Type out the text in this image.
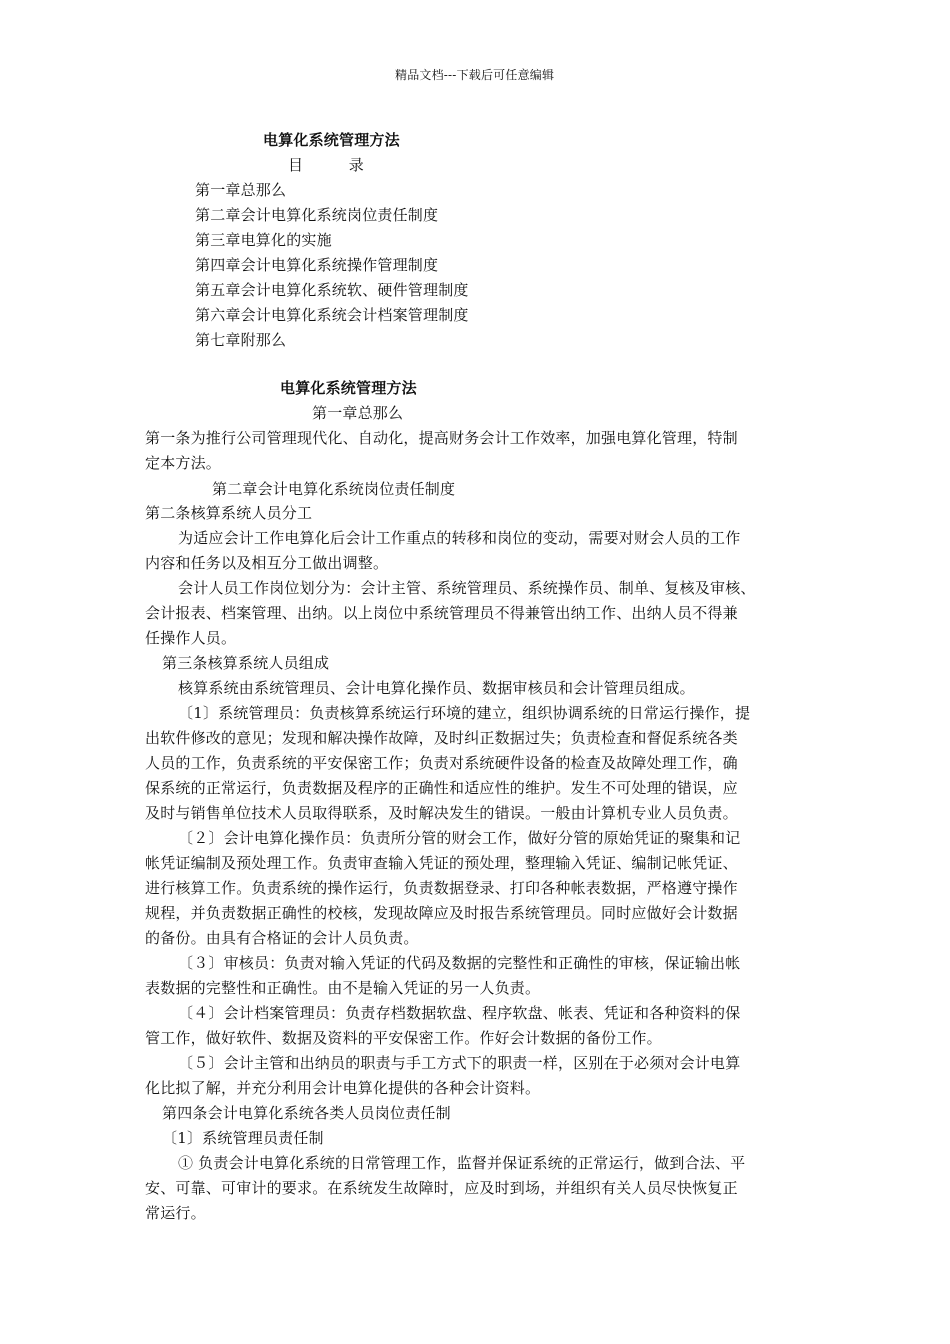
精品文档---下载后可任意编辑
电算化系统管理方法
目　　　录
第一章总那么
第二章会计电算化系统岗位责任制度
第三章电算化的实施
第四章会计电算化系统操作管理制度
第五章会计电算化系统软、硬件管理制度
第六章会计电算化系统会计档案管理制度
第七章附那么
电算化系统管理方法
第一章总那么
第一条为推行公司管理现代化、自动化，提高财务会计工作效率，加强电算化管理，特制
定本方法。
第二章会计电算化系统岗位责任制度
第二条核算系统人员分工
为适应会计工作电算化后会计工作重点的转移和岗位的变动，需要对财会人员的工作
内容和任务以及相互分工做出调整。
会计人员工作岗位划分为：会计主管、系统管理员、系统操作员、制单、复核及审核、
会计报表、档案管理、出纳。以上岗位中系统管理员不得兼管出纳工作、出纳人员不得兼
任操作人员。
第三条核算系统人员组成
核算系统由系统管理员、会计电算化操作员、数据审核员和会计管理员组成。
〔1〕系统管理员：负责核算系统运行环境的建立，组织协调系统的日常运行操作，提
出软件修改的意见；发现和解决操作故障，及时纠正数据过失；负责检查和督促系统各类
人员的工作，负责系统的平安保密工作；负责对系统硬件设备的检查及故障处理工作，确
保系统的正常运行，负责数据及程序的正确性和适应性的维护。发生不可处理的错误，应
及时与销售单位技术人员取得联系，及时解决发生的错误。一般由计算机专业人员负责。
〔２〕会计电算化操作员：负责所分管的财会工作，做好分管的原始凭证的聚集和记
帐凭证编制及预处理工作。负责审查输入凭证的预处理，整理输入凭证、编制记帐凭证、
进行核算工作。负责系统的操作运行，负责数据登录、打印各种帐表数据，严格遵守操作
规程，并负责数据正确性的校核，发现故障应及时报告系统管理员。同时应做好会计数据
的备份。由具有合格证的会计人员负责。
〔３〕审核员：负责对输入凭证的代码及数据的完整性和正确性的审核，保证输出帐
表数据的完整性和正确性。由不是输入凭证的另一人负责。
〔４〕会计档案管理员：负责存档数据软盘、程序软盘、帐表、凭证和各种资料的保
管工作，做好软件、数据及资料的平安保密工作。作好会计数据的备份工作。
〔５〕会计主管和出纳员的职责与手工方式下的职责一样，区别在于必须对会计电算
化比拟了解，并充分利用会计电算化提供的各种会计资料。
第四条会计电算化系统各类人员岗位责任制
〔1〕系统管理员责任制
① 负责会计电算化系统的日常管理工作，监督并保证系统的正常运行，做到合法、平
安、可靠、可审计的要求。在系统发生故障时，应及时到场，并组织有关人员尽快恢复正
常运行。
